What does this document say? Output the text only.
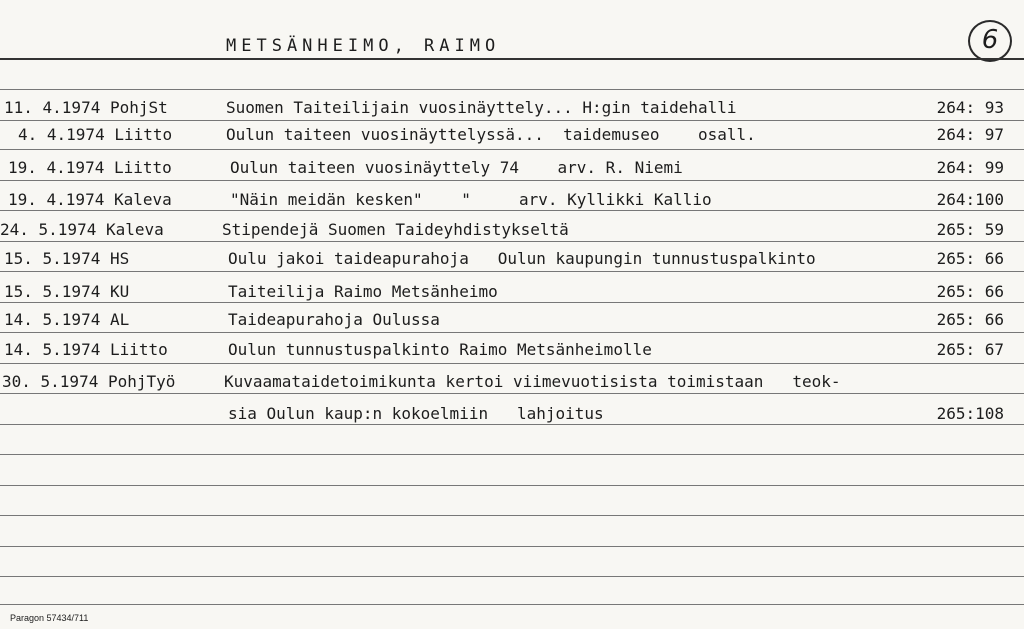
METSÄNHEIMO, RAIMO	6

11. 4.1974 PohjSt

	Suomen Taiteilijain vuosinäyttely... H:gin taidehalli

	264: 93

4. 4.1974 Liitto

	Oulun taiteen vuosinäyttelyssä...  taidemuseo    osall.

	264: 97

19. 4.1974 Liitto

	Oulun taiteen vuosinäyttely 74    arv. R. Niemi

	264: 99

19. 4.1974 Kaleva

	"Näin meidän kesken"    "     arv. Kyllikki Kallio

	264:100

24. 5.1974 Kaleva

	Stipendejä Suomen Taideyhdistykseltä

	265: 59

15. 5.1974 HS

	Oulu jakoi taideapurahoja   Oulun kaupungin tunnustuspalkinto

	265: 66

15. 5.1974 KU

	Taiteilija Raimo Metsänheimo

	265: 66

14. 5.1974 AL

	Taideapurahoja Oulussa

	265: 66

14. 5.1974 Liitto

	Oulun tunnustuspalkinto Raimo Metsänheimolle

	265: 67

30. 5.1974 PohjTyö

	Kuvaamataidetoimikunta kertoi viimevuotisista toimistaan   teok-

sia Oulun kaup:n kokoelmiin   lahjoitus

	265:108

Paragon 57434/711
